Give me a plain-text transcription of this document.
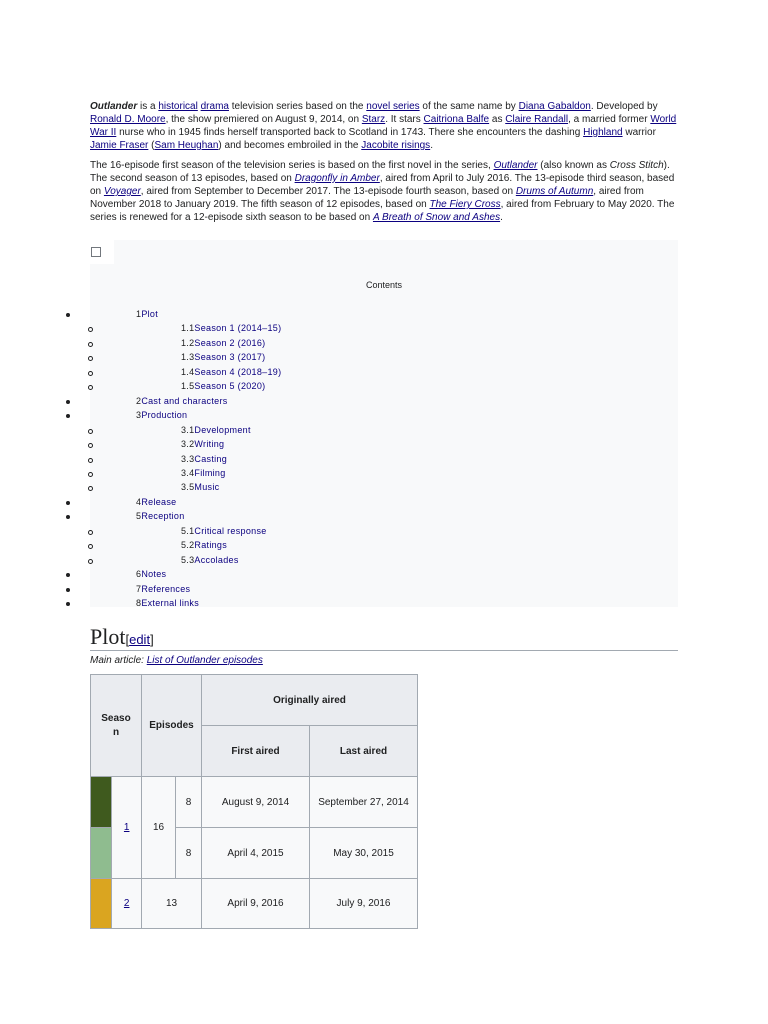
Outlander is a historical drama television series based on the novel series of the same name by Diana Gabaldon. Developed by Ronald D. Moore, the show premiered on August 9, 2014, on Starz. It stars Caitriona Balfe as Claire Randall, a married former World War II nurse who in 1945 finds herself transported back to Scotland in 1743. There she encounters the dashing Highland warrior Jamie Fraser (Sam Heughan) and becomes embroiled in the Jacobite risings.

The 16-episode first season of the television series is based on the first novel in the series, Outlander (also known as Cross Stitch). The second season of 13 episodes, based on Dragonfly in Amber, aired from April to July 2016. The 13-episode third season, based on Voyager, aired from September to December 2017. The 13-episode fourth season, based on Drums of Autumn, aired from November 2018 to January 2019. The fifth season of 12 episodes, based on The Fiery Cross, aired from February to May 2020. The series is renewed for a 12-episode sixth season to be based on A Breath of Snow and Ashes.

Contents
1Plot
1.1Season 1 (2014–15)
1.2Season 2 (2016)
1.3Season 3 (2017)
1.4Season 4 (2018–19)
1.5Season 5 (2020)
2Cast and characters
3Production
3.1Development
3.2Writing
3.3Casting
3.4Filming
3.5Music
4Release
5Reception
5.1Critical response
5.2Ratings
5.3Accolades
6Notes
7References
8External links
Plot[edit]
Main article: List of Outlander episodes
Season		Episodes		Originally aired	
				First aired	Last aired
	1	16	8	August 9, 2014	September 27, 2014
			8	April 4, 2015	May 30, 2015
	2	13		April 9, 2016	July 9, 2016
